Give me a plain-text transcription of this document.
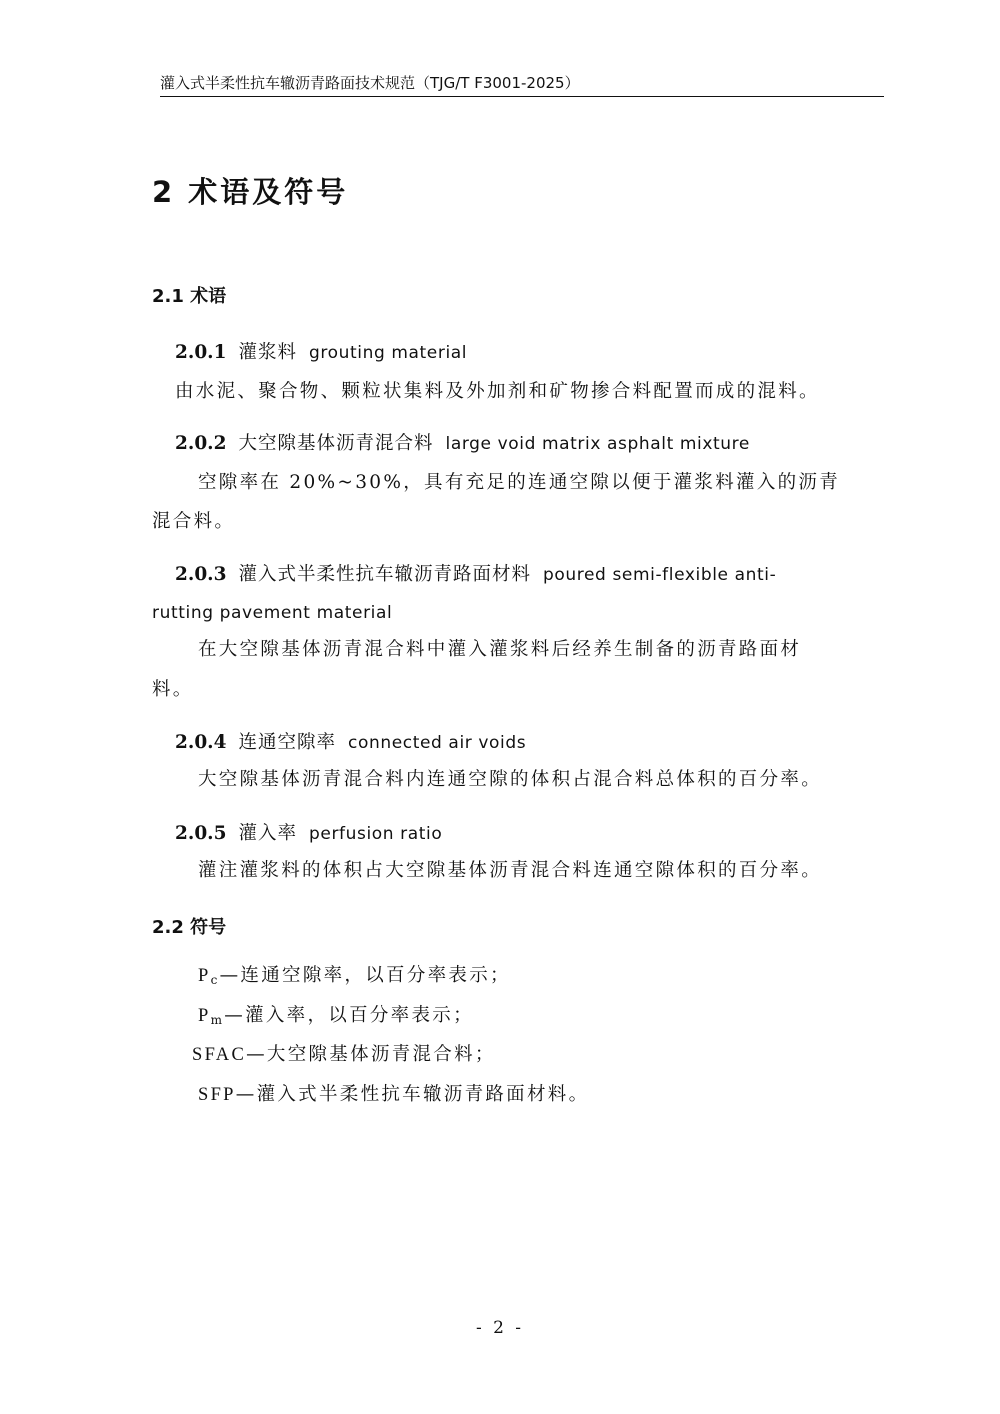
灌入式半柔性抗车辙沥青路面技术规范（TJG/T F3001-2025）
2 术语及符号
2.1 术语
2.0.1 灌浆料 grouting material
由水泥、聚合物、颗粒状集料及外加剂和矿物掺合料配置而成的混料。
2.0.2 大空隙基体沥青混合料 large void matrix asphalt mixture
空隙率在 20%~30%，具有充足的连通空隙以便于灌浆料灌入的沥青
混合料。
2.0.3 灌入式半柔性抗车辙沥青路面材料 poured semi-flexible anti-
rutting pavement material
在大空隙基体沥青混合料中灌入灌浆料后经养生制备的沥青路面材
料。
2.0.4 连通空隙率 connected air voids
大空隙基体沥青混合料内连通空隙的体积占混合料总体积的百分率。
2.0.5 灌入率 perfusion ratio
灌注灌浆料的体积占大空隙基体沥青混合料连通空隙体积的百分率。
2.2 符号
Pc—连通空隙率，以百分率表示；
Pm—灌入率，以百分率表示；
SFAC—大空隙基体沥青混合料；
SFP—灌入式半柔性抗车辙沥青路面材料。
- 2 -
